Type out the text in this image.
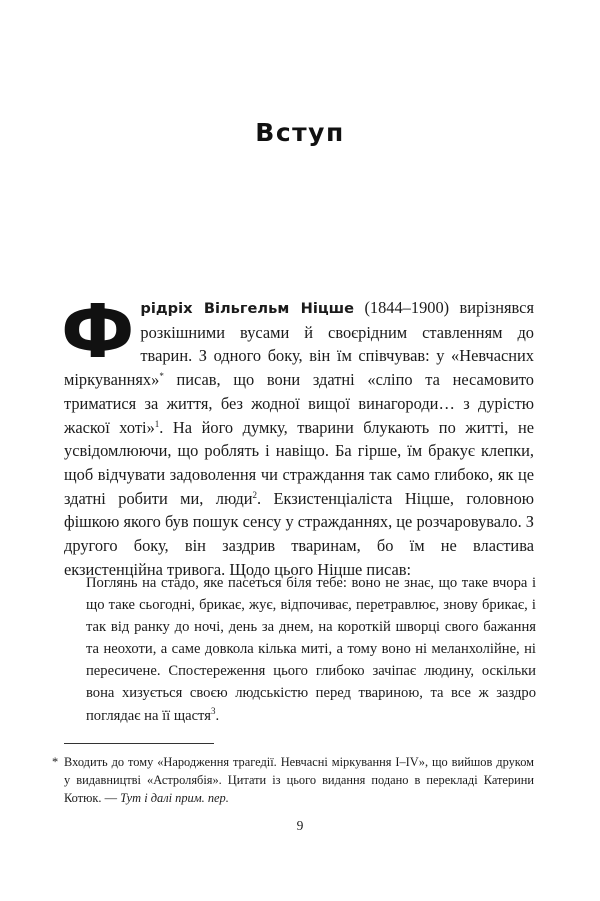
Вступ
Фрідріх Вільгельм Ніцше (1844–1900) вирізнявся розкішними вусами й своєрідним ставленням до тварин. З одного боку, він їм співчував: у «Невчасних міркуваннях»* писав, що вони здатні «сліпо та несамовито триматися за життя, без жодної вищої винагороди… з дурістю жаскої хоті»$^1$. На його думку, тварини блукають по житті, не усвідомлюючи, що роблять і навіщо. Ба гірше, їм бракує клепки, щоб відчувати задоволення чи страждання так само глибоко, як це здатні робити ми, люди$^2$. Екзистенціаліста Ніцше, головною фішкою якого був пошук сенсу у стражданнях, це розчаровувало. З другого боку, він заздрив тваринам, бо їм не властива екзистенційна тривога. Щодо цього Ніцше писав:
Поглянь на стадо, яке пасеться біля тебе: воно не знає, що таке вчора і що таке сьогодні, брикає, жує, відпочиває, перетравлює, знову брикає, і так від ранку до ночі, день за днем, на короткій шворці свого бажання та неохоти, а саме довкола кілька миті, а тому воно ні меланхолійне, ні пересичене. Спостереження цього глибоко зачіпає людину, оскільки вона хизується своєю людськістю перед твариною, та все ж заздро поглядає на її щастя$^3$.
* Входить до тому «Народження трагедії. Невчасні міркування I–IV», що вийшов друком у видавництві «Астролябія». Цитати із цього видання подано в перекладі Катерини Котюк. — Тут і далі прим. пер.
9
